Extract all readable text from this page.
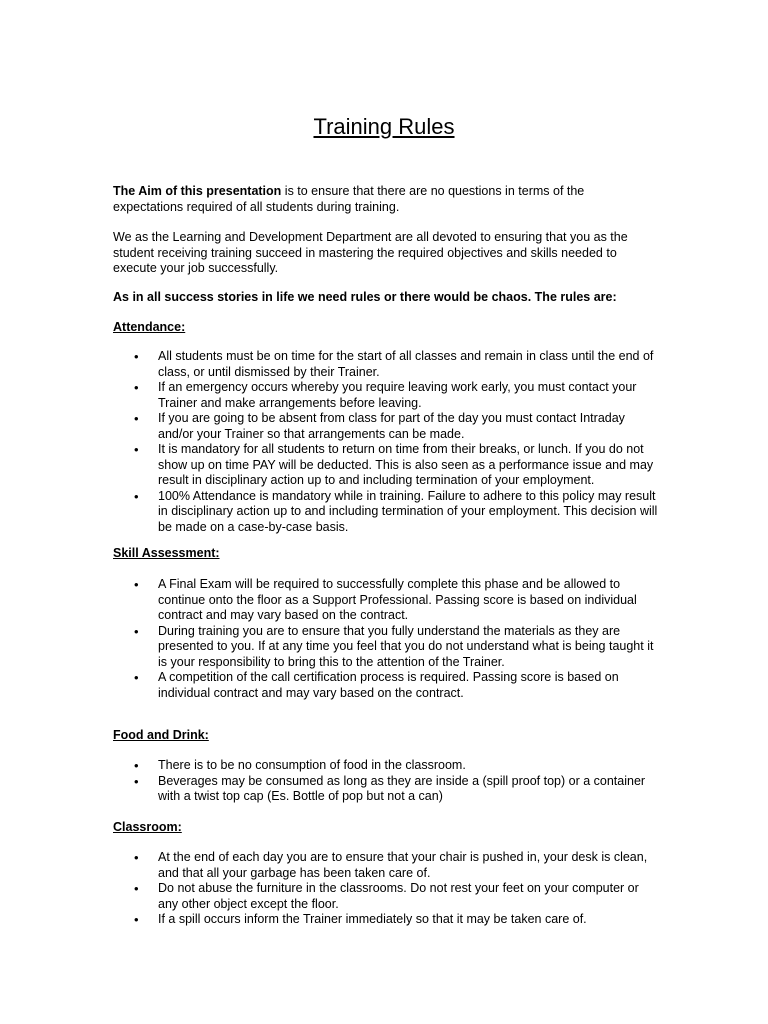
Training Rules

The Aim of this presentation is to ensure that there are no questions in terms of the expectations required of all students during training.

We as the Learning and Development Department are all devoted to ensuring that you as the student receiving training succeed in mastering the required objectives and skills needed to execute your job successfully.

As in all success stories in life we need rules or there would be chaos. The rules are:

Attendance:

• All students must be on time for the start of all classes and remain in class until the end of class, or until dismissed by their Trainer.
• If an emergency occurs whereby you require leaving work early, you must contact your Trainer and make arrangements before leaving.
• If you are going to be absent from class for part of the day you must contact Intraday and/or your Trainer so that arrangements can be made.
• It is mandatory for all students to return on time from their breaks, or lunch. If you do not show up on time PAY will be deducted. This is also seen as a performance issue and may result in disciplinary action up to and including termination of your employment.
• 100% Attendance is mandatory while in training. Failure to adhere to this policy may result in disciplinary action up to and including termination of your employment. This decision will be made on a case-by-case basis.

Skill Assessment:

• A Final Exam will be required to successfully complete this phase and be allowed to continue onto the floor as a Support Professional. Passing score is based on individual contract and may vary based on the contract.
• During training you are to ensure that you fully understand the materials as they are presented to you. If at any time you feel that you do not understand what is being taught it is your responsibility to bring this to the attention of the Trainer.
• A competition of the call certification process is required. Passing score is based on individual contract and may vary based on the contract.

Food and Drink:

• There is to be no consumption of food in the classroom.
• Beverages may be consumed as long as they are inside a (spill proof top) or a container with a twist top cap (Es. Bottle of pop but not a can)

Classroom:

• At the end of each day you are to ensure that your chair is pushed in, your desk is clean, and that all your garbage has been taken care of.
• Do not abuse the furniture in the classrooms. Do not rest your feet on your computer or any other object except the floor.
• If a spill occurs inform the Trainer immediately so that it may be taken care of.
